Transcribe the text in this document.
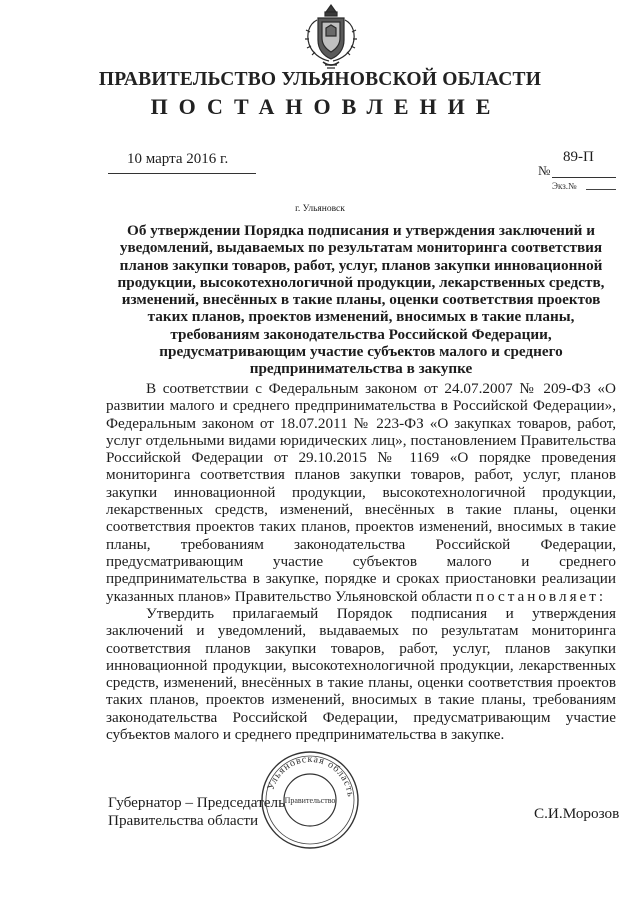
ПРАВИТЕЛЬСТВО УЛЬЯНОВСКОЙ ОБЛАСТИ
ПОСТАНОВЛЕНИЕ
10 марта 2016 г.	89-П
№
Экз.№
г. Ульяновск

Об утверждении Порядка подписания и утверждения заключений и уведомлений, выдаваемых по результатам мониторинга соответствия планов закупки товаров, работ, услуг, планов закупки инновационной продукции, высокотехнологичной продукции, лекарственных средств, изменений, внесённых в такие планы, оценки соответствия проектов таких планов, проектов изменений, вносимых в такие планы, требованиям законодательства Российской Федерации, предусматривающим участие субъектов малого и среднего предпринимательства в закупке

В соответствии с Федеральным законом от 24.07.2007 № 209-ФЗ «О развитии малого и среднего предпринимательства в Российской Федерации», Федеральным законом от 18.07.2011 № 223-ФЗ «О закупках товаров, работ, услуг отдельными видами юридических лиц», постановлением Правительства Российской Федерации от 29.10.2015 № 1169 «О порядке проведения мониторинга соответствия планов закупки товаров, работ, услуг, планов закупки инновационной продукции, высокотехнологичной продукции, лекарственных средств, изменений, внесённых в такие планы, оценки соответствия проектов таких планов, проектов изменений, вносимых в такие планы, требованиям законодательства Российской Федерации, предусматривающим участие субъектов малого и среднего предпринимательства в закупке, порядке и сроках приостановки реализации указанных планов» Правительство Ульяновской области постановляет:

Утвердить прилагаемый Порядок подписания и утверждения заключений и уведомлений, выдаваемых по результатам мониторинга соответствия планов закупки товаров, работ, услуг, планов закупки инновационной продукции, высокотехнологичной продукции, лекарственных средств, изменений, внесённых в такие планы, оценки соответствия проектов таких планов, проектов изменений, вносимых в такие планы, требованиям законодательства Российской Федерации, предусматривающим участие субъектов малого и среднего предпринимательства в закупке.

Губернатор – Председатель
Правительства области	С.И.Морозов
Ульяновская область
Правительство
